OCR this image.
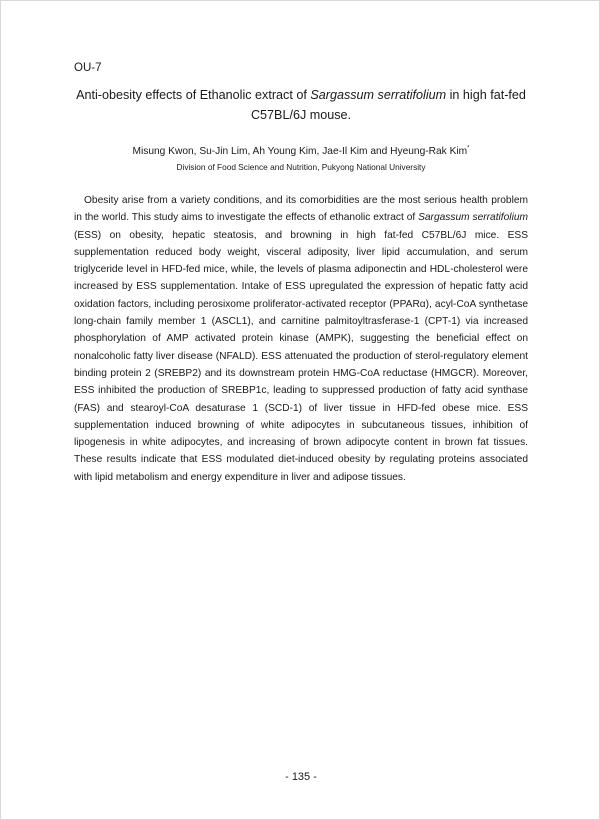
OU-7
Anti-obesity effects of Ethanolic extract of Sargassum serratifolium in high fat-fed C57BL/6J mouse.
Misung Kwon, Su-Jin Lim, Ah Young Kim, Jae-Il Kim and Hyeung-Rak Kim*
Division of Food Science and Nutrition, Pukyong National University

Obesity arise from a variety conditions, and its comorbidities are the most serious health problem in the world. This study aims to investigate the effects of ethanolic extract of Sargassum serratifolium (ESS) on obesity, hepatic steatosis, and browning in high fat-fed C57BL/6J mice. ESS supplementation reduced body weight, visceral adiposity, liver lipid accumulation, and serum triglyceride level in HFD-fed mice, while, the levels of plasma adiponectin and HDL-cholesterol were increased by ESS supplementation. Intake of ESS upregulated the expression of hepatic fatty acid oxidation factors, including perosixome proliferator-activated receptor (PPARα), acyl-CoA synthetase long-chain family member 1 (ASCL1), and carnitine palmitoyltrasferase-1 (CPT-1) via increased phosphorylation of AMP activated protein kinase (AMPK), suggesting the beneficial effect on nonalcoholic fatty liver disease (NFALD). ESS attenuated the production of sterol-regulatory element binding protein 2 (SREBP2) and its downstream protein HMG-CoA reductase (HMGCR). Moreover, ESS inhibited the production of SREBP1c, leading to suppressed production of fatty acid synthase (FAS) and stearoyl-CoA desaturase 1 (SCD-1) of liver tissue in HFD-fed obese mice. ESS supplementation induced browning of white adipocytes in subcutaneous tissues, inhibition of lipogenesis in white adipocytes, and increasing of brown adipocyte content in brown fat tissues. These results indicate that ESS modulated diet-induced obesity by regulating proteins associated with lipid metabolism and energy expenditure in liver and adipose tissues.

- 135 -
